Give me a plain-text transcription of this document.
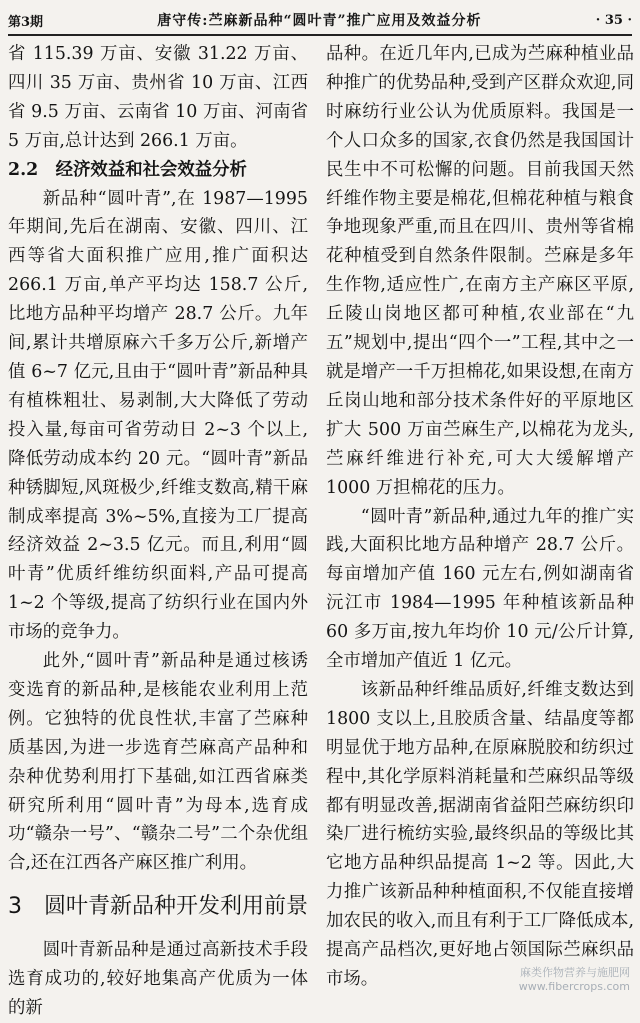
第3期	唐守传:苎麻新品种“圆叶青”推广应用及效益分析	· 35 ·

省 115.39 万亩、安徽 31.22 万亩、四川 35 万亩、贵州省 10 万亩、江西省 9.5 万亩、云南省 10 万亩、河南省 5 万亩,总计达到 266.1 万亩。

2.2　经济效益和社会效益分析

新品种“圆叶青”,在 1987—1995 年期间,先后在湖南、安徽、四川、江西等省大面积推广应用,推广面积达 266.1 万亩,单产平均达 158.7 公斤,比地方品种平均增产 28.7 公斤。九年间,累计共增原麻六千多万公斤,新增产值 6~7 亿元,且由于“圆叶青”新品种具有植株粗壮、易剥制,大大降低了劳动投入量,每亩可省劳动日 2~3 个以上,降低劳动成本约 20 元。“圆叶青”新品种锈脚短,风斑极少,纤维支数高,精干麻制成率提高 3%~5%,直接为工厂提高经济效益 2~3.5 亿元。而且,利用“圆叶青”优质纤维纺织面料,产品可提高 1~2 个等级,提高了纺织行业在国内外市场的竞争力。

此外,“圆叶青”新品种是通过核诱变选育的新品种,是核能农业利用上范例。它独特的优良性状,丰富了苎麻种质基因,为进一步选育苎麻高产品种和杂种优势利用打下基础,如江西省麻类研究所利用“圆叶青”为母本,选育成功“赣杂一号”、“赣杂二号”二个杂优组合,还在江西各产麻区推广利用。

3　圆叶青新品种开发利用前景

圆叶青新品种是通过高新技术手段选育成功的,较好地集高产优质为一体的新

品种。在近几年内,已成为苎麻种植业品种推广的优势品种,受到产区群众欢迎,同时麻纺行业公认为优质原料。我国是一个人口众多的国家,衣食仍然是我国国计民生中不可松懈的问题。目前我国天然纤维作物主要是棉花,但棉花种植与粮食争地现象严重,而且在四川、贵州等省棉花种植受到自然条件限制。苎麻是多年生作物,适应性广,在南方主产麻区平原,丘陵山岗地区都可种植,农业部在“九五”规划中,提出“四个一”工程,其中之一就是增产一千万担棉花,如果设想,在南方丘岗山地和部分技术条件好的平原地区扩大 500 万亩苎麻生产,以棉花为龙头,苎麻纤维进行补充,可大大缓解增产 1000 万担棉花的压力。

“圆叶青”新品种,通过九年的推广实践,大面积比地方品种增产 28.7 公斤。每亩增加产值 160 元左右,例如湖南省沅江市 1984—1995 年种植该新品种 60 多万亩,按九年均价 10 元/公斤计算,全市增加产值近 1 亿元。

该新品种纤维品质好,纤维支数达到 1800 支以上,且胶质含量、结晶度等都明显优于地方品种,在原麻脱胶和纺织过程中,其化学原料消耗量和苎麻织品等级都有明显改善,据湖南省益阳苎麻纺织印染厂进行梳纺实验,最终织品的等级比其它地方品种织品提高 1~2 等。因此,大力推广该新品种种植面积,不仅能直接增加农民的收入,而且有利于工厂降低成本,提高产品档次,更好地占领国际苎麻织品市场。	麻类作物营养与施肥网
www.fibercrops.com
